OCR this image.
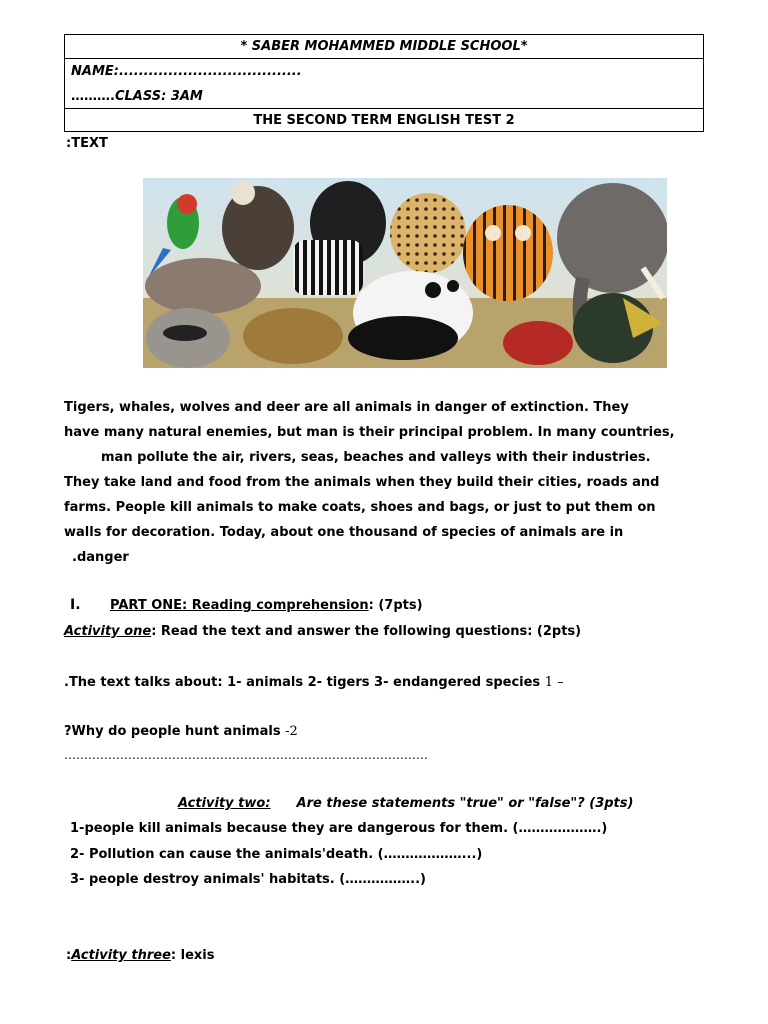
* SABER MOHAMMED MIDDLE SCHOOL*
NAME:.....................................
……….CLASS: 3AM
THE SECOND TERM ENGLISH TEST 2
:TEXT
Tigers, whales, wolves and deer are all animals in danger of extinction. They
have many natural enemies, but man is their principal problem. In many countries,
man pollute the air, rivers, seas, beaches and valleys with their industries.
They take land and food from the animals when they build their cities, roads and
farms. People kill animals to make coats, shoes and bags, or just to put them on
walls for decoration. Today, about one thousand of species of animals are in
.danger
I. PART ONE: Reading comprehension: (7pts)
Activity one: Read the text and answer the following questions: (2pts)
.The text talks about: 1- animals 2- tigers 3- endangered species 1 –
?Why do people hunt animals -2
….……………………………………………………………………………
Activity two: Are these statements "true" or "false"? (3pts)
1-people kill animals because they are dangerous for them. (……………….)
2- Pollution can cause the animals'death. (………………...)
3- people destroy animals' habitats. (……………..)
:Activity three: lexis
